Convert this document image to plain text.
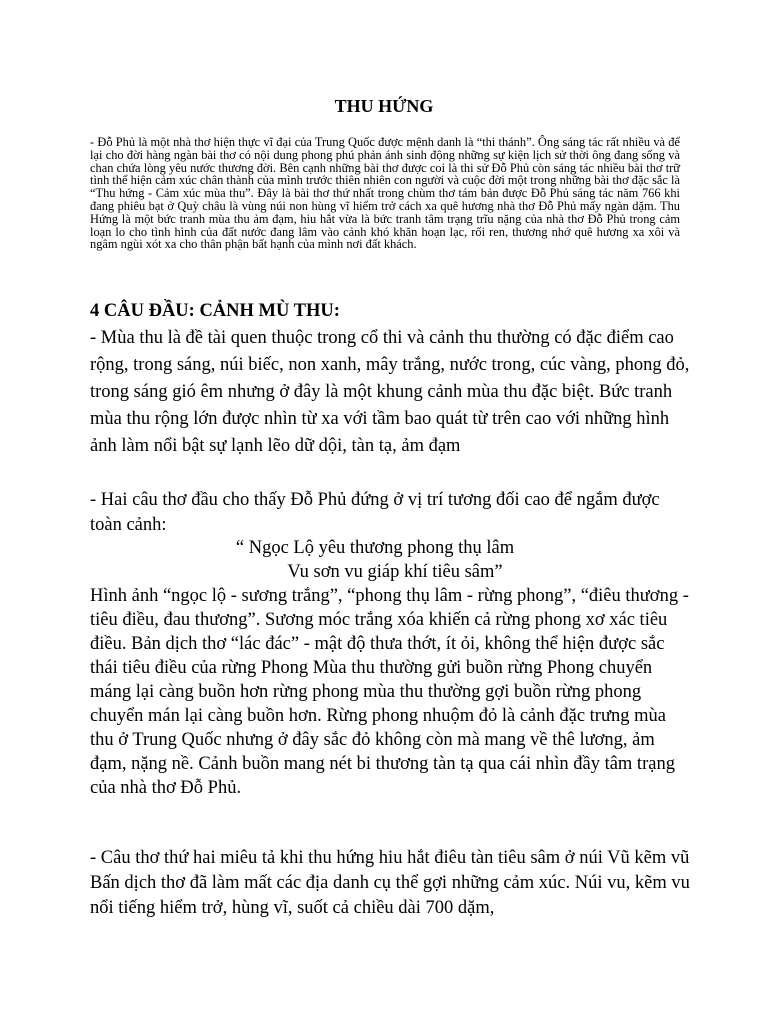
THU HỨNG

- Đỗ Phủ là một nhà thơ hiện thực vĩ đại của Trung Quốc được mệnh danh là “thi thánh”. Ông sáng tác rất nhiều và để lại cho đời hàng ngàn bài thơ có nội dung phong phú phản ánh sinh động những sự kiện lịch sử thời ông đang sống và chan chứa lòng yêu nước thương đời. Bên cạnh những bài thơ được coi là thi sử Đỗ Phủ còn sáng tác nhiều bài thơ trữ tình thể hiện cảm xúc chân thành của mình trước thiên nhiên con người và cuộc đời một trong những bài thơ đặc sắc là “Thu hứng - Cảm xúc mùa thu”. Đây là bài thơ thứ nhất trong chùm thơ tám bản được Đỗ Phủ sáng tác năm 766 khi đang phiêu bạt ở Quỳ châu là vùng núi non hùng vĩ hiểm trở cách xa quê hương nhà thơ Đỗ Phủ mấy ngàn dặm. Thu Hứng là một bức tranh mùa thu ảm đạm, hiu hắt vừa là bức tranh tâm trạng trĩu nặng của nhà thơ Đỗ Phủ trong cảm loạn lo cho tình hình của đất nước đang lâm vào cảnh khó khăn hoạn lạc, rối ren, thương nhớ quê hương xa xôi và ngâm ngùi xót xa cho thân phận bất hạnh của mình nơi đất khách.

4 CÂU ĐẦU: CẢNH MÙ THU:

- Mùa thu là đề tài quen thuộc trong cổ thi và cảnh thu thường có đặc điểm cao rộng, trong sáng, núi biếc, non xanh, mây trắng, nước trong, cúc vàng, phong đỏ, trong sáng gió êm nhưng ở đây là một khung cảnh mùa thu đặc biệt. Bức tranh mùa thu rộng lớn được nhìn từ xa với tầm bao quát từ trên cao với những hình ảnh làm nổi bật sự lạnh lẽo dữ dội, tàn tạ, ảm đạm

- Hai câu thơ đầu cho thấy Đỗ Phủ đứng ở vị trí tương đối cao để ngắm được toàn cảnh:

“ Ngọc Lộ yêu thương phong thụ lâm
Vu sơn vu giáp khí tiêu sâm”

Hình ảnh “ngọc lộ - sương trắng”, “phong thụ lâm - rừng phong”, “điêu thương - tiêu điều, đau thương”. Sương móc trắng xóa khiến cả rừng phong xơ xác tiêu điều. Bản dịch thơ “lác đác” - mật độ thưa thớt, ít ỏi, không thể hiện được sắc thái tiêu điều của rừng Phong Mùa thu thường gửi buồn rừng Phong chuyển máng lại càng buồn hơn rừng phong mùa thu thường gợi buồn rừng phong chuyển mán lại càng buồn hơn. Rừng phong nhuộm đỏ là cảnh đặc trưng mùa thu ở Trung Quốc nhưng ở đây sắc đỏ không còn mà mang về thê lương, ảm đạm, nặng nề. Cảnh buồn mang nét bi thương tàn tạ qua cái nhìn đầy tâm trạng của nhà thơ Đỗ Phủ.

- Câu thơ thứ hai miêu tả khi thu hứng hiu hắt điêu tàn tiêu sâm ở núi Vũ kẽm vũ Bấn dịch thơ đã làm mất các địa danh cụ thể gợi những cảm xúc. Núi vu, kẽm vu nổi tiếng hiểm trở, hùng vĩ, suốt cả chiều dài 700 dặm,
